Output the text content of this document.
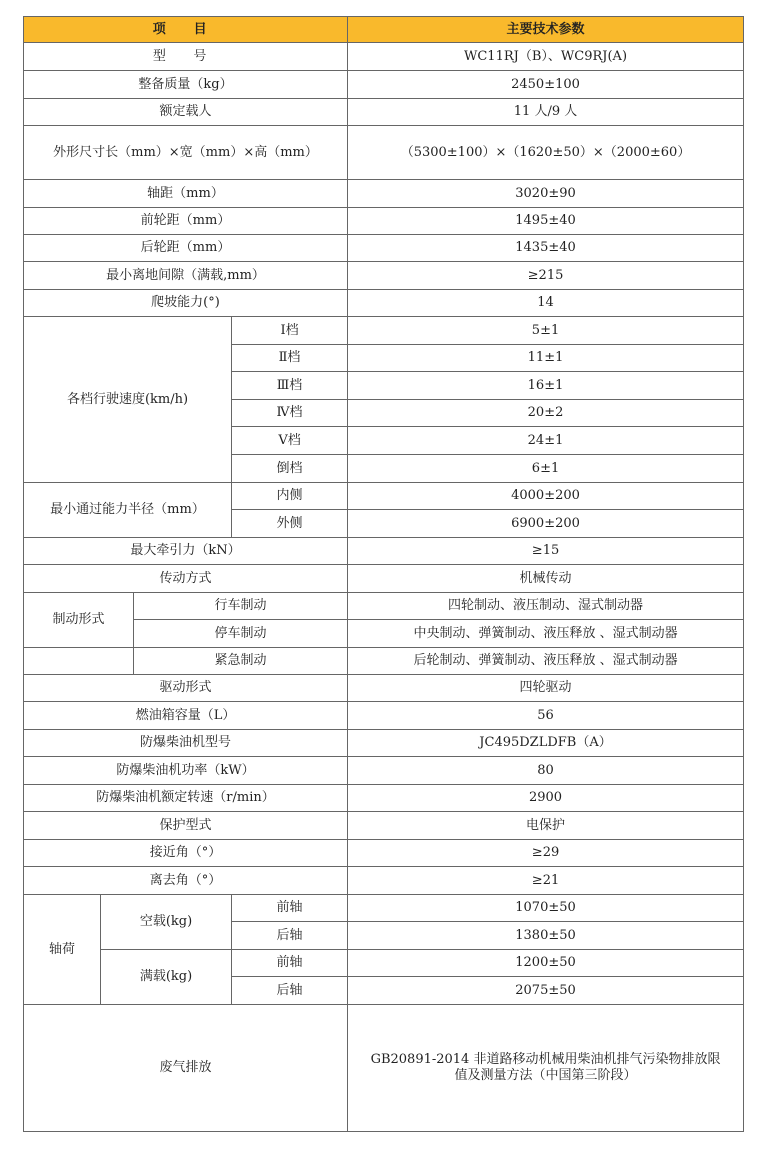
项 目				主要技术参数
型 号				WC11RJ（B）、WC9RJ(A)
整备质量（kg）				2450±100
额定载人				11 人/9 人
外形尺寸长（mm）×宽（mm）×高（mm）				（5300±100）×（1620±50）×（2000±60）
轴距（mm）				3020±90
前轮距（mm）				1495±40
后轮距（mm）				1435±40
最小离地间隙（满载,mm）				≥215
爬坡能力(°)				14
各档行驶速度(km/h)			Ⅰ档	5±1
			Ⅱ档	11±1
			Ⅲ档	16±1
			Ⅳ档	20±2
			Ⅴ档	24±1
			倒档	6±1
最小通过能力半径（mm）			内侧	4000±200
			外侧	6900±200
最大牵引力（kN）				≥15
传动方式				机械传动
制动形式		行车制动		四轮制动、液压制动、湿式制动器
		停车制动		中央制动、弹簧制动、液压释放 、湿式制动器
		紧急制动		后轮制动、弹簧制动、液压释放 、湿式制动器
驱动形式				四轮驱动
燃油箱容量（L）				56
防爆柴油机型号				JC495DZLDFB（A）
防爆柴油机功率（kW）				80
防爆柴油机额定转速（r/min）				2900
保护型式				电保护
接近角（°）				≥29
离去角（°）				≥21
轴荷	空载(kg)		前轴	1070±50
			后轴	1380±50
	满载(kg)		前轴	1200±50
			后轴	2075±50
废气排放				GB20891-2014 非道路移动机械用柴油机排气污染物排放限
值及测量方法（中国第三阶段）
